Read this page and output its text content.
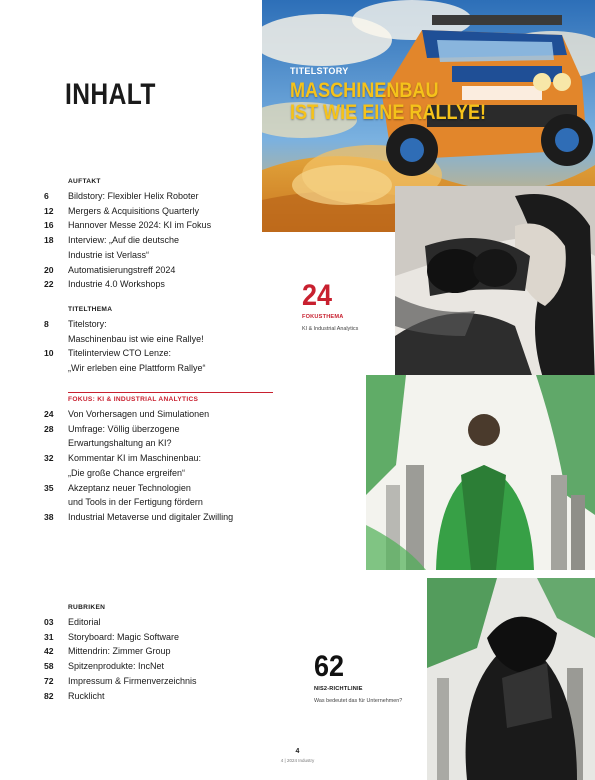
INHALT
AUFTAKT
6	Bildstory: Flexibler Helix Roboter
12	Mergers & Acquisitions Quarterly
16	Hannover Messe 2024: KI im Fokus
18	Interview: „Auf die deutsche
Industrie ist Verlass“
20	Automatisierungstreff 2024
22	Industrie 4.0 Workshops
TITELTHEMA
8	Titelstory:
Maschinenbau ist wie eine Rallye!
10	Titelinterview CTO Lenze:
„Wir erleben eine Plattform Rallye“
FOKUS: KI & INDUSTRIAL ANALYTICS
24	Von Vorhersagen und Simulationen
28	Umfrage: Völlig überzogene
Erwartungshaltung an KI?
32	Kommentar KI im Maschinenbau:
„Die große Chance ergreifen“
35	Akzeptanz neuer Technologien
und Tools in der Fertigung fördern
38	Industrial Metaverse und digitaler Zwilling
RUBRIKEN
03	Editorial
31	Storyboard: Magic Software
42	Mittendrin: Zimmer Group
58	Spitzenprodukte: IncNet
72	Impressum & Firmenverzeichnis
82	Rucklicht
TITELSTORY
MASCHINENBAU
IST WIE EINE RALLYE!
24
FOKUSTHEMA
KI & Industrial Analytics
62
NIS2-RICHTLINIE
Was bedeutet das für Unternehmen?
4
4 | 2024 Industry
